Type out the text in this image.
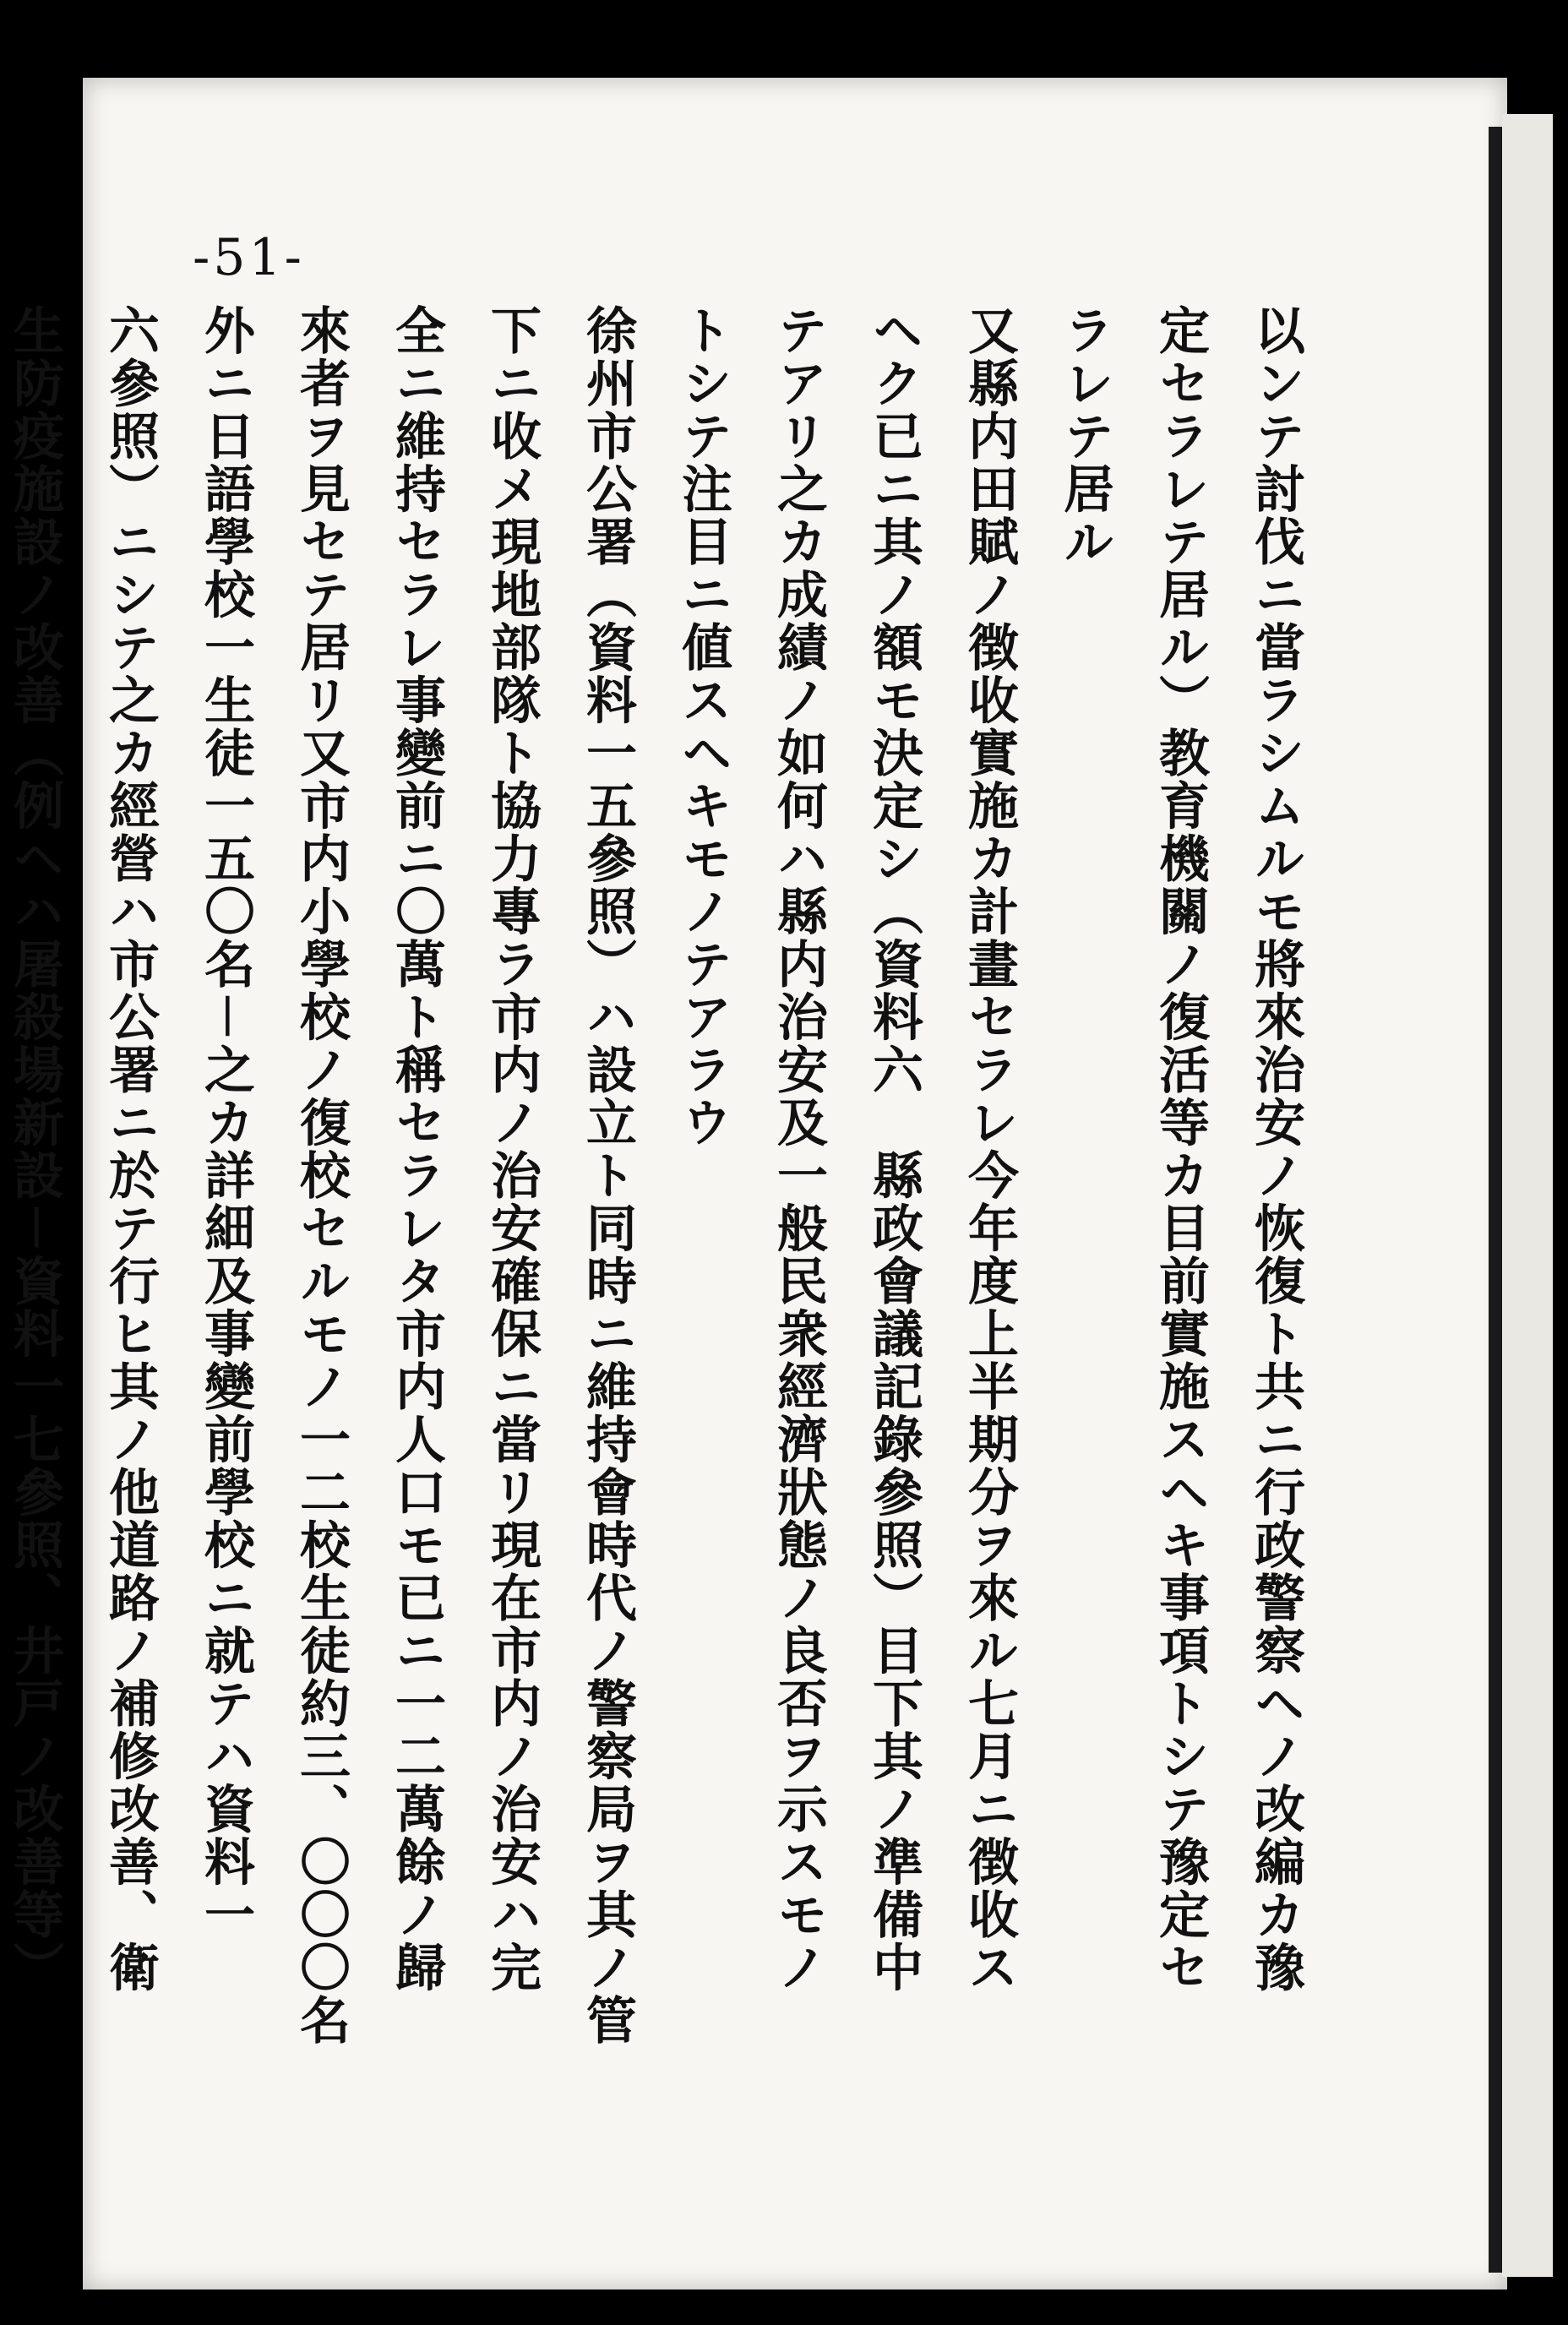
-51-
以ンテ討伐ニ當ラシムルモ將來治安ノ恢復ト共ニ行政警察ヘノ改編カ豫
定セラレテ居ル）教育機關ノ復活等カ目前實施スヘキ事項トシテ豫定セ
ラレテ居ル
又縣内田賦ノ徴收實施カ計畫セラレ今年度上半期分ヲ來ル七月ニ徴收ス
ヘク已ニ其ノ額モ決定シ（資料六　縣政會議記錄參照）目下其ノ準備中
テアリ之カ成績ノ如何ハ縣内治安及一般民衆經濟狀態ノ良否ヲ示スモノ
トシテ注目ニ値スヘキモノテアラウ
徐州市公署（資料一五參照）ハ設立ト同時ニ維持會時代ノ警察局ヲ其ノ管
下ニ收メ現地部隊ト協力專ラ市内ノ治安確保ニ當リ現在市内ノ治安ハ完
全ニ維持セラレ事變前ニ〇萬ト稱セラレタ市内人口モ已ニ一二萬餘ノ歸
來者ヲ見セテ居リ又市内小學校ノ復校セルモノ一二校生徒約三、〇〇〇名
外ニ日語學校一生徒一五〇名－之カ詳細及事變前學校ニ就テハ資料一
六參照）ニシテ之カ經營ハ市公署ニ於テ行ヒ其ノ他道路ノ補修改善、衛
生防疫施設ノ改善（例ヘハ屠殺場新設－資料一七參照、井戸ノ改善等）
